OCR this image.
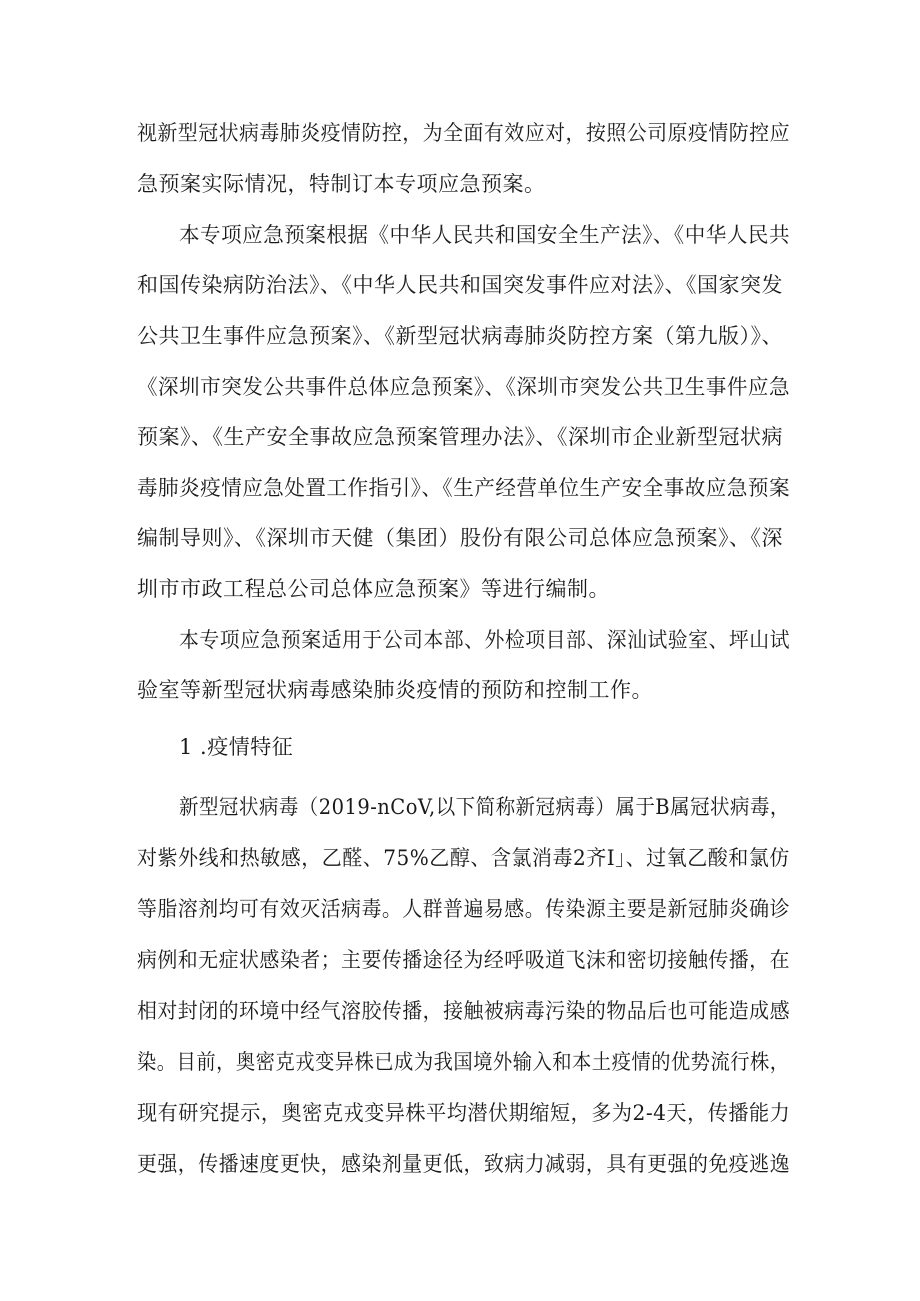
视新型冠状病毒肺炎疫情防控，为全面有效应对，按照公司原疫情防控应
急预案实际情况，特制订本专项应急预案。
本专项应急预案根据《中华人民共和国安全生产法》、《中华人民共
和国传染病防治法》、《中华人民共和国突发事件应对法》、《国家突发
公共卫生事件应急预案》、《新型冠状病毒肺炎防控方案（第九版）》、
《深圳市突发公共事件总体应急预案》、《深圳市突发公共卫生事件应急
预案》、《生产安全事故应急预案管理办法》、《深圳市企业新型冠状病
毒肺炎疫情应急处置工作指引》、《生产经营单位生产安全事故应急预案
编制导则》、《深圳市天健（集团）股份有限公司总体应急预案》、《深
圳市市政工程总公司总体应急预案》等进行编制。
本专项应急预案适用于公司本部、外检项目部、深汕试验室、坪山试
验室等新型冠状病毒感染肺炎疫情的预防和控制工作。
1 .疫情特征
新型冠状病毒（2019-nCoV,以下简称新冠病毒）属于B属冠状病毒，
对紫外线和热敏感，乙醛、75%乙醇、含氯消毒2齐I」、过氧乙酸和氯仿
等脂溶剂均可有效灭活病毒。人群普遍易感。传染源主要是新冠肺炎确诊
病例和无症状感染者；主要传播途径为经呼吸道飞沫和密切接触传播，在
相对封闭的环境中经气溶胶传播，接触被病毒污染的物品后也可能造成感
染。目前，奥密克戎变异株已成为我国境外输入和本土疫情的优势流行株，
现有研究提示，奥密克戎变异株平均潜伏期缩短，多为2-4天，传播能力
更强，传播速度更快，感染剂量更低，致病力减弱，具有更强的免疫逃逸
